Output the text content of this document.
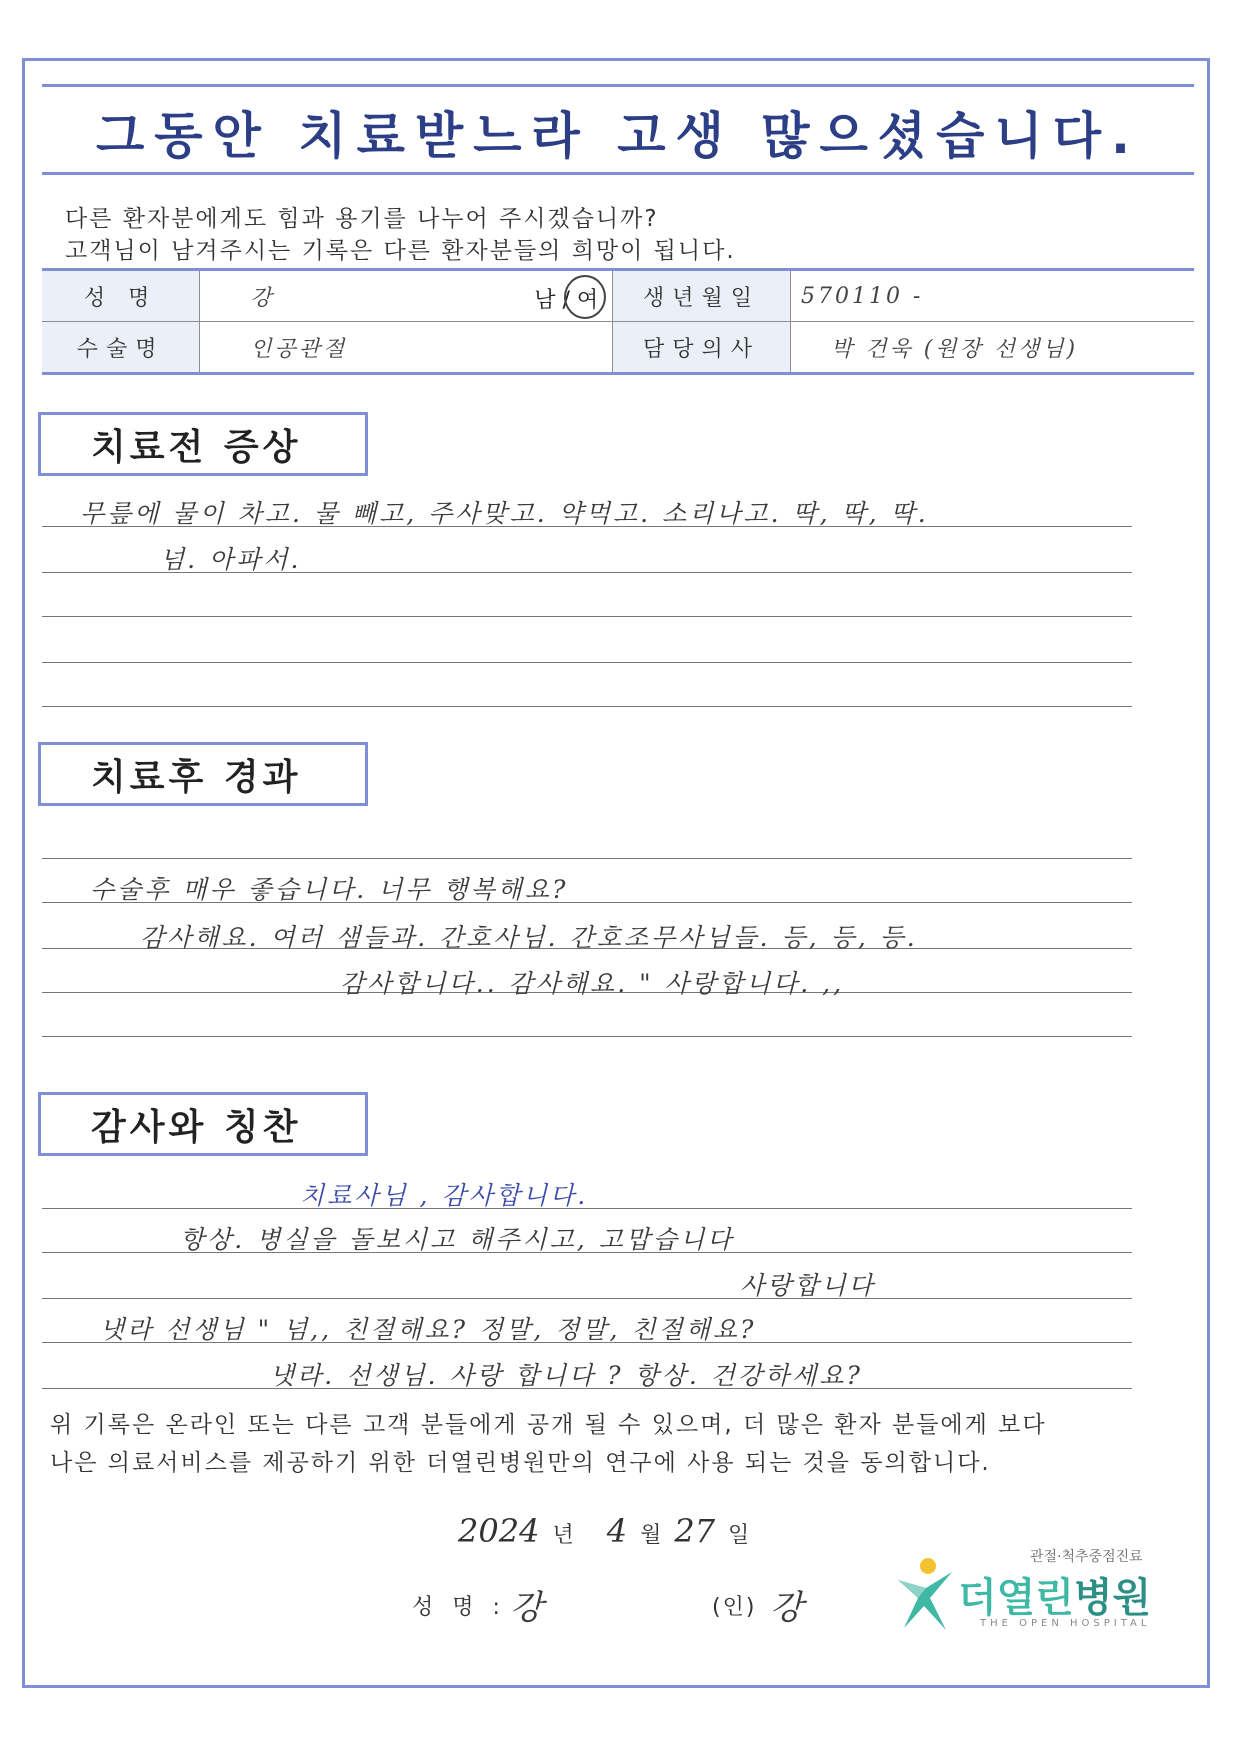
그동안 치료받느라 고생 많으셨습니다.
다른 환자분에게도 힘과 용기를 나누어 주시겠습니까?
고객님이 남겨주시는 기록은 다른 환자분들의 희망이 됩니다.
성 명	강 남 / 여	생년월일	570110 -
수술명	인공관절	담당의사	박 건욱 (원장 선생님)
치료전 증상
무릎에 물이 차고. 물 빼고, 주사맞고. 약먹고. 소리나고. 딱, 딱, 딱.
넘. 아파서.
치료후 경과
수술후 매우 좋습니다. 너무 행복해요?
감사해요. 여러 샘들과. 간호사님. 간호조무사님들. 등, 등, 등.
감사합니다.. 감사해요. " 사랑합니다. ,,
감사와 칭찬
치료사님 , 감사합니다.
항상. 병실을 돌보시고 해주시고, 고맙습니다
사랑합니다
냇라 선생님 " 넘,, 친절해요? 정말, 정말, 친절해요?
냇라. 선생님. 사랑 합니다 ? 항상. 건강하세요?
위 기록은 온라인 또는 다른 고객 분들에게 공개 될 수 있으며, 더 많은 환자 분들에게 보다
나은 의료서비스를 제공하기 위한 더열린병원만의 연구에 사용 되는 것을 동의합니다.
2024 년 4 월 27 일
성 명 : 강	(인) 강
관절·척추중점진료
더열린병원
THE OPEN HOSPITAL
